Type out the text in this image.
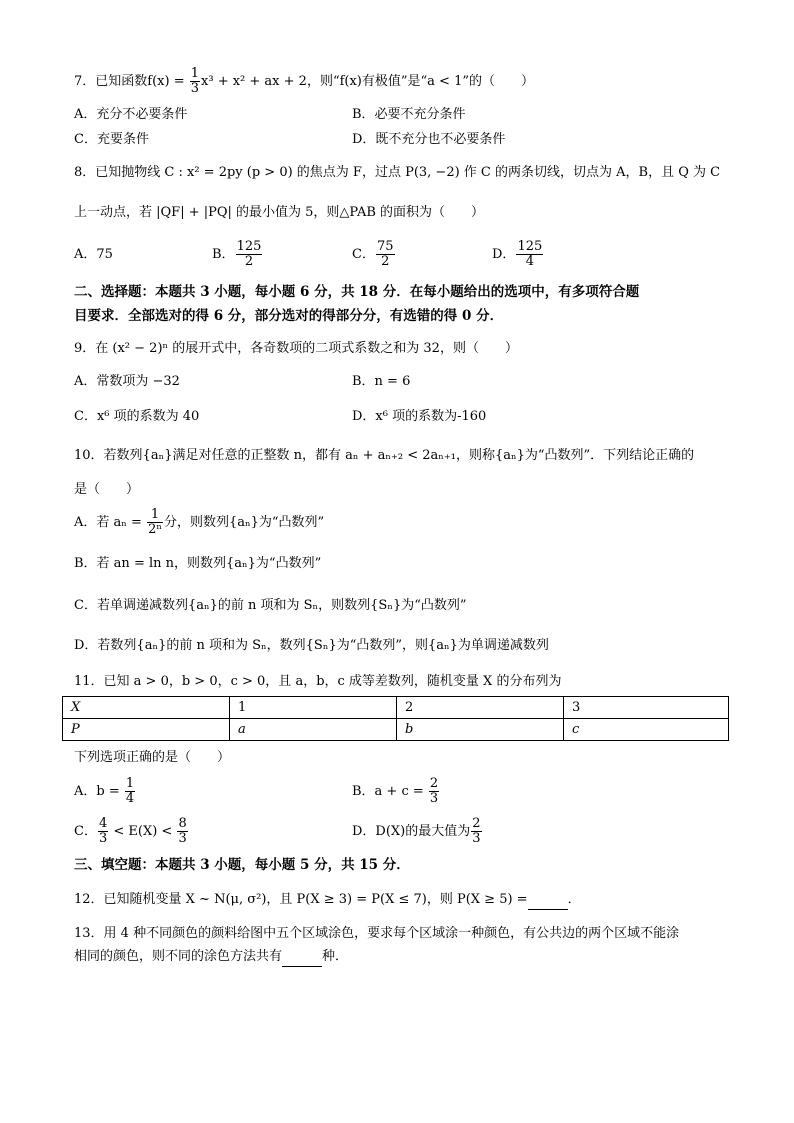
7．已知函数$f(x) = \frac{1}{3} x^3 + x^2$ + ax + 2，则“f(x)有极值”是“a < 1”的（　　）
A．充分不必要条件	B．必要不充分条件
C．充要条件	D．既不充分也不必要条件
8．已知抛物线 C : x² = 2py (p > 0) 的焦点为 F，过点 P(3, −2) 作 C 的两条切线，切点为 A，B，且 Q 为 C
上一动点，若 |QF| + |PQ| 的最小值为 5，则△PAB 的面积为（　　）
A．75	B． $\frac{125}{2}$	C． $\frac{75}{2}$	D． $\frac{125}{4}$
二、选择题：本题共 3 小题，每小题 6 分，共 18 分．在每小题给出的选项中，有多项符合题
目要求．全部选对的得 6 分，部分选对的得部分分，有选错的得 0 分．
9．在 (x² − 2)ⁿ 的展开式中，各奇数项的二项式系数之和为 32，则（　　）
A．常数项为 −32	B．n = 6
C．x⁶ 项的系数为 40	D．x⁶ 项的系数为-160
10．若数列{aₙ}满足对任意的正整数 n，都有 aₙ + aₙ₊₂ < 2aₙ₊₁，则称{aₙ}为“凸数列”．下列结论正确的
是（　　）
A．若 $a_n = \frac{1}{\text{2ⁿ}}$ 分，则数列{aₙ}为“凸数列”
B．若 an = ln n，则数列{aₙ}为“凸数列”
C．若单调递减数列{aₙ}的前 n 项和为 Sₙ，则数列{Sₙ}为“凸数列”
D．若数列{aₙ}的前 n 项和为 Sₙ，数列{Sₙ}为“凸数列”，则{aₙ}为单调递减数列
11．已知 a > 0，b > 0，c > 0，且 a，b，c 成等差数列，随机变量 X 的分布列为
X	1	2	3
P	a	b	c
下列选项正确的是（　　）
A．$b = \frac{1}{4}$	B．$a + c = \frac{2}{3}$
C． $\frac{4}{3} < E(X) < \frac{8}{3}$	D．D(X)的最大值为 $\frac{2}{3}$
三、填空题：本题共 3 小题，每小题 5 分，共 15 分．
12．已知随机变量 X ~ N(μ, σ²)，且 P(X ≥ 3) = P(X ≤ 7)，则 P(X ≥ 5) =	．
13．用 4 种不同颜色的颜料给图中五个区域涂色，要求每个区域涂一种颜色，有公共边的两个区域不能涂
相同的颜色，则不同的涂色方法共有	种．
